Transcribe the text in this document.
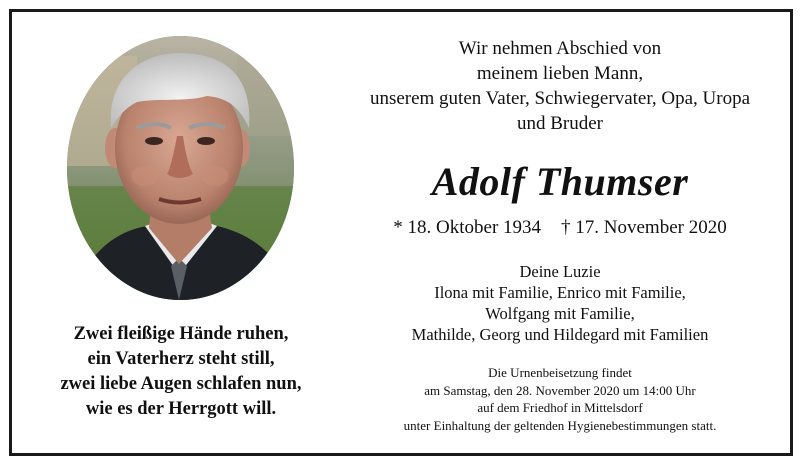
Zwei fleißige Hände ruhen,
ein Vaterherz steht still,
zwei liebe Augen schlafen nun,
wie es der Herrgott will.
Wir nehmen Abschied von
meinem lieben Mann,
unserem guten Vater, Schwiegervater, Opa, Uropa
und Bruder
Adolf Thumser
* 18. Oktober 1934 † 17. November 2020
Deine Luzie
Ilona mit Familie, Enrico mit Familie,
Wolfgang mit Familie,
Mathilde, Georg und Hildegard mit Familien
Die Urnenbeisetzung findet
am Samstag, den 28. November 2020 um 14:00 Uhr
auf dem Friedhof in Mittelsdorf
unter Einhaltung der geltenden Hygienebestimmungen statt.
